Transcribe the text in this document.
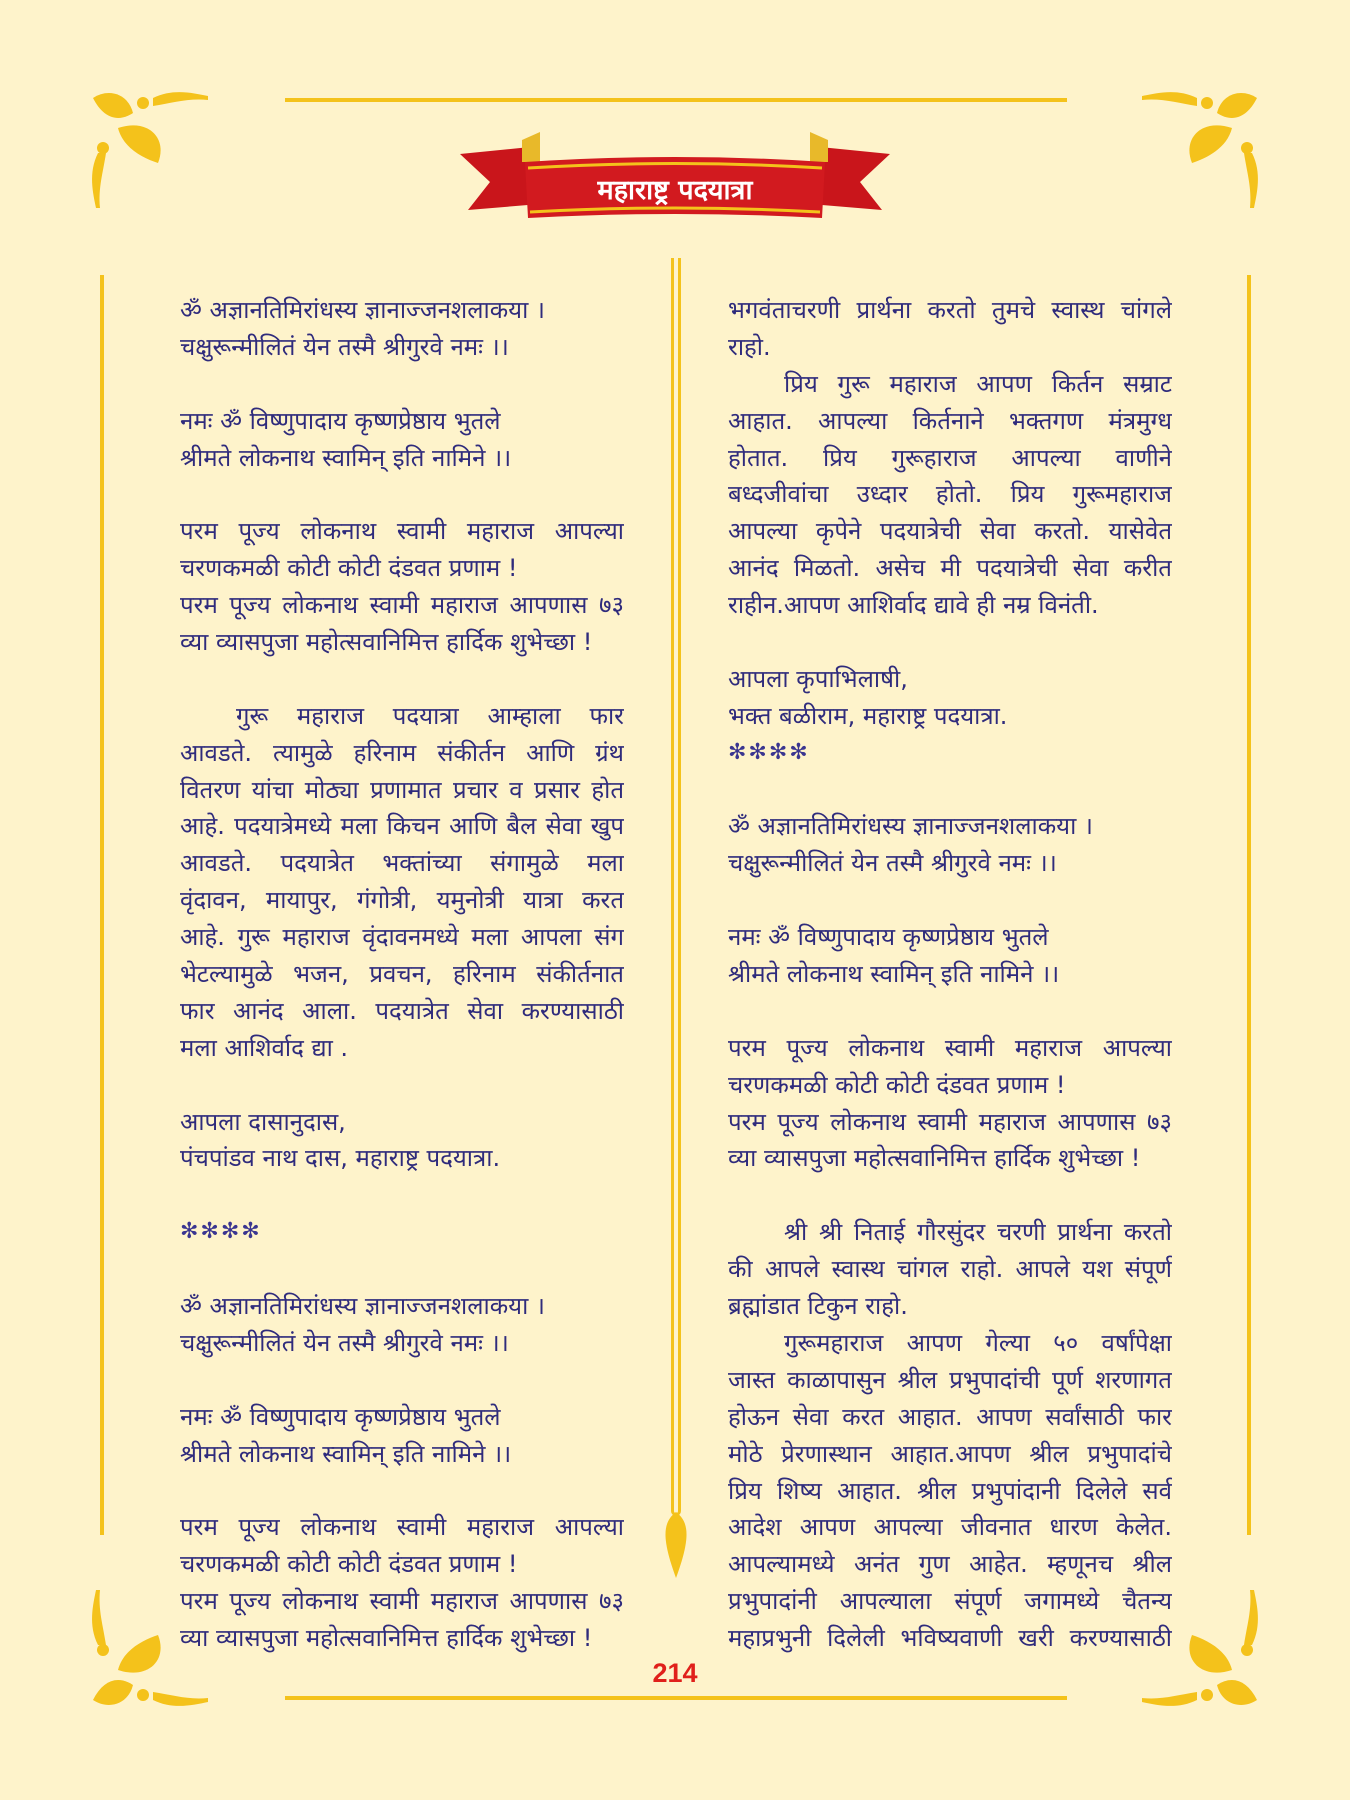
महाराष्ट्र पदयात्रा
ॐ अज्ञानतिमिरांधस्य ज्ञानाज्जनशलाकया ।
चक्षुरून्मीलितं येन तस्मै श्रीगुरवे नमः ।।
नमः ॐ विष्णुपादाय कृष्णप्रेष्ठाय भुतले
श्रीमते लोकनाथ स्वामिन् इति नामिने ।।
परम पूज्य लोकनाथ स्वामी महाराज आपल्या
चरणकमळी कोटी कोटी दंडवत प्रणाम !
परम पूज्य लोकनाथ स्वामी महाराज आपणास ७३
व्या व्यासपुजा महोत्सवानिमित्त हार्दिक शुभेच्छा !
गुरू महाराज पदयात्रा आम्हाला फार
आवडते. त्यामुळे हरिनाम संकीर्तन आणि ग्रंथ
वितरण यांचा मोठ्या प्रणामात प्रचार व प्रसार होत
आहे. पदयात्रेमध्ये मला किचन आणि बैल सेवा खुप
आवडते. पदयात्रेत भक्तांच्या संगामुळे मला
वृंदावन, मायापुर, गंगोत्री, यमुनोत्री यात्रा करत
आहे. गुरू महाराज वृंदावनमध्ये मला आपला संग
भेटल्यामुळे भजन, प्रवचन, हरिनाम संकीर्तनात
फार आनंद आला. पदयात्रेत सेवा करण्यासाठी
मला आशिर्वाद द्या .
आपला दासानुदास,
पंचपांडव नाथ दास, महाराष्ट्र पदयात्रा.
✻✻✻✻
ॐ अज्ञानतिमिरांधस्य ज्ञानाज्जनशलाकया ।
चक्षुरून्मीलितं येन तस्मै श्रीगुरवे नमः ।।
नमः ॐ विष्णुपादाय कृष्णप्रेष्ठाय भुतले
श्रीमते लोकनाथ स्वामिन् इति नामिने ।।
परम पूज्य लोकनाथ स्वामी महाराज आपल्या
चरणकमळी कोटी कोटी दंडवत प्रणाम !
परम पूज्य लोकनाथ स्वामी महाराज आपणास ७३
व्या व्यासपुजा महोत्सवानिमित्त हार्दिक शुभेच्छा !
भगवंताचरणी प्रार्थना करतो तुमचे स्वास्थ चांगले
राहो.
प्रिय गुरू महाराज आपण किर्तन सम्राट
आहात. आपल्या किर्तनाने भक्तगण मंत्रमुग्ध
होतात. प्रिय गुरूहाराज आपल्या वाणीने
बध्दजीवांचा उध्दार होतो. प्रिय गुरूमहाराज
आपल्या कृपेने पदयात्रेची सेवा करतो. यासेवेत
आनंद मिळतो. असेच मी पदयात्रेची सेवा करीत
राहीन.आपण आशिर्वाद द्यावे ही नम्र विनंती.
आपला कृपाभिलाषी,
भक्त बळीराम, महाराष्ट्र पदयात्रा.
✻✻✻✻
ॐ अज्ञानतिमिरांधस्य ज्ञानाज्जनशलाकया ।
चक्षुरून्मीलितं येन तस्मै श्रीगुरवे नमः ।।
नमः ॐ विष्णुपादाय कृष्णप्रेष्ठाय भुतले
श्रीमते लोकनाथ स्वामिन् इति नामिने ।।
परम पूज्य लोकनाथ स्वामी महाराज आपल्या
चरणकमळी कोटी कोटी दंडवत प्रणाम !
परम पूज्य लोकनाथ स्वामी महाराज आपणास ७३
व्या व्यासपुजा महोत्सवानिमित्त हार्दिक शुभेच्छा !
श्री श्री निताई गौरसुंदर चरणी प्रार्थना करतो
की आपले स्वास्थ चांगल राहो. आपले यश संपूर्ण
ब्रह्मांडात टिकुन राहो.
गुरूमहाराज आपण गेल्या ५० वर्षांपेक्षा
जास्त काळापासुन श्रील प्रभुपादांची पूर्ण शरणागत
होऊन सेवा करत आहात. आपण सर्वांसाठी फार
मोठे प्रेरणास्थान आहात.आपण श्रील प्रभुपादांचे
प्रिय शिष्य आहात. श्रील प्रभुपांदानी दिलेले सर्व
आदेश आपण आपल्या जीवनात धारण केलेत.
आपल्यामध्ये अनंत गुण आहेत. म्हणूनच श्रील
प्रभुपादांनी आपल्याला संपूर्ण जगामध्ये चैतन्य
महाप्रभुनी दिलेली भविष्यवाणी खरी करण्यासाठी
214
